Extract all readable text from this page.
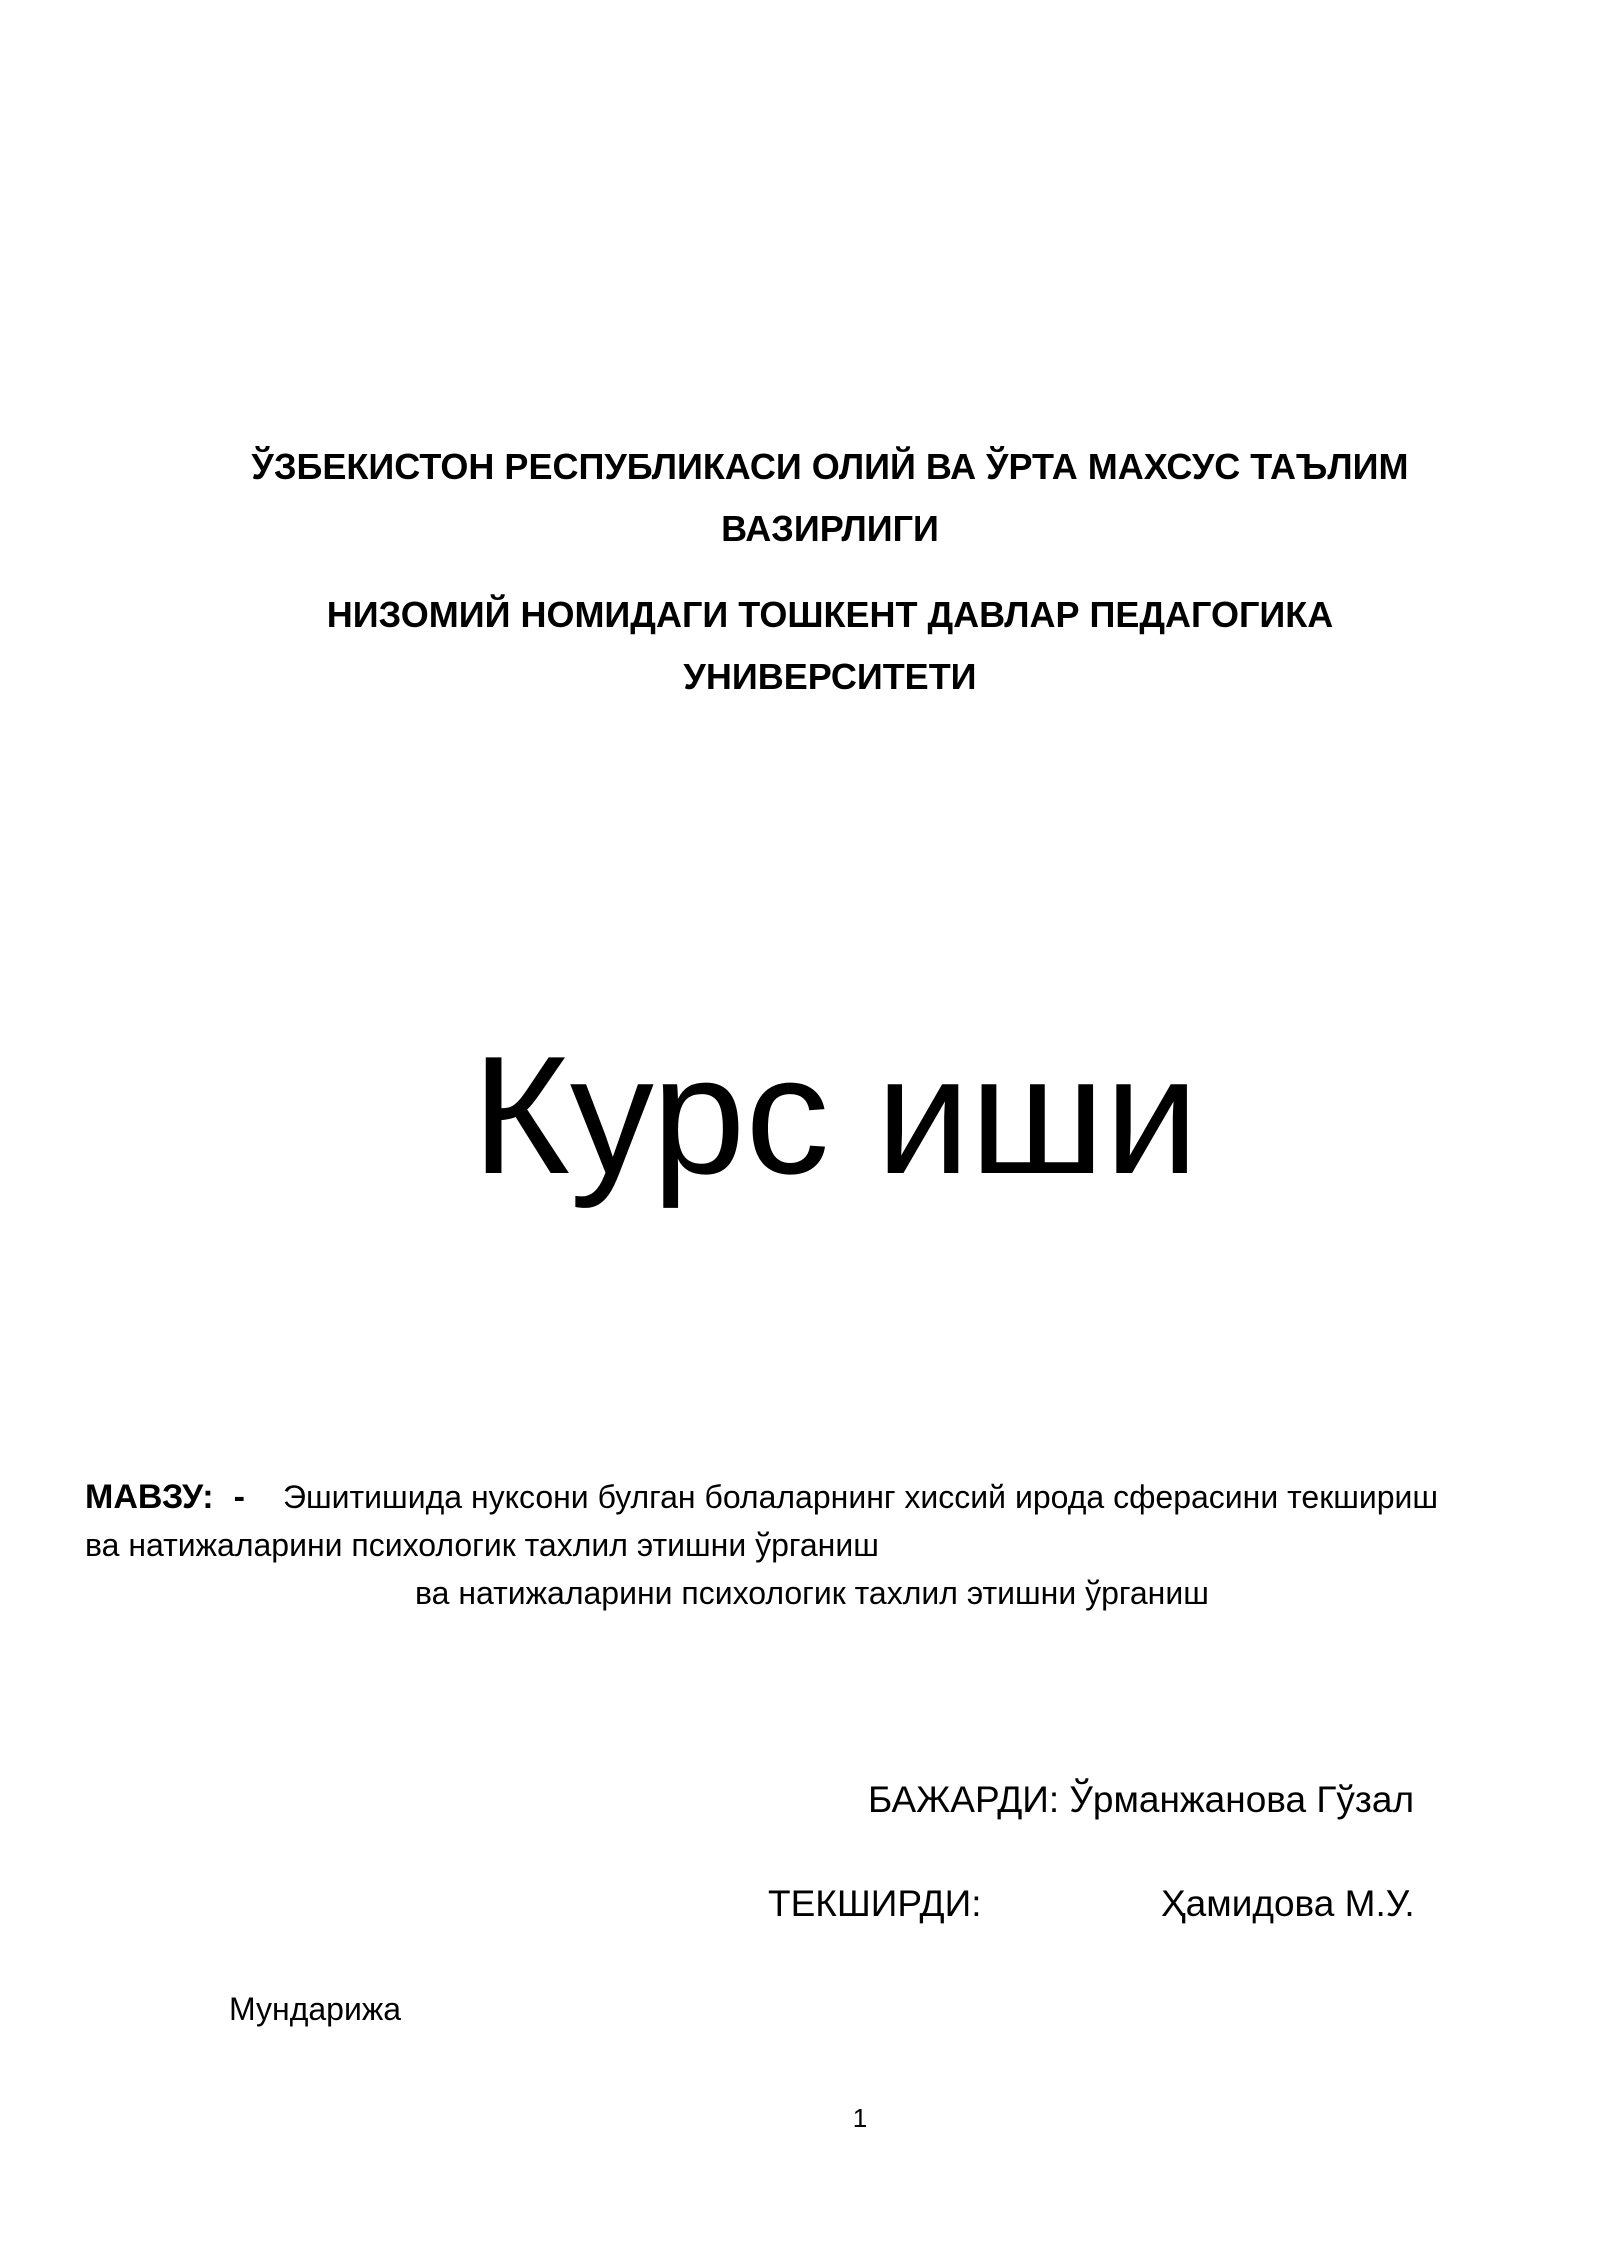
ЎЗБЕКИСТОН РЕСПУБЛИКАСИ ОЛИЙ ВА ЎРТА МАХСУС ТАЪЛИМ
ВАЗИРЛИГИ
НИЗОМИЙ НОМИДАГИ ТОШКЕНТ ДАВЛАР ПЕДАГОГИКА
УНИВЕРСИТЕТИ
Курс иши
МАВЗУ: - Эшитишида нуксони булган болаларнинг хиссий ирода сферасини текшириш
ва натижаларини психологик тахлил этишни ўрганиш
ва натижаларини психологик тахлил этишни ўрганиш
БАЖАРДИ: Ўрманжанова Гўзал
ТЕКШИРДИ:	Ҳамидова М.У.
Мундарижа
1
